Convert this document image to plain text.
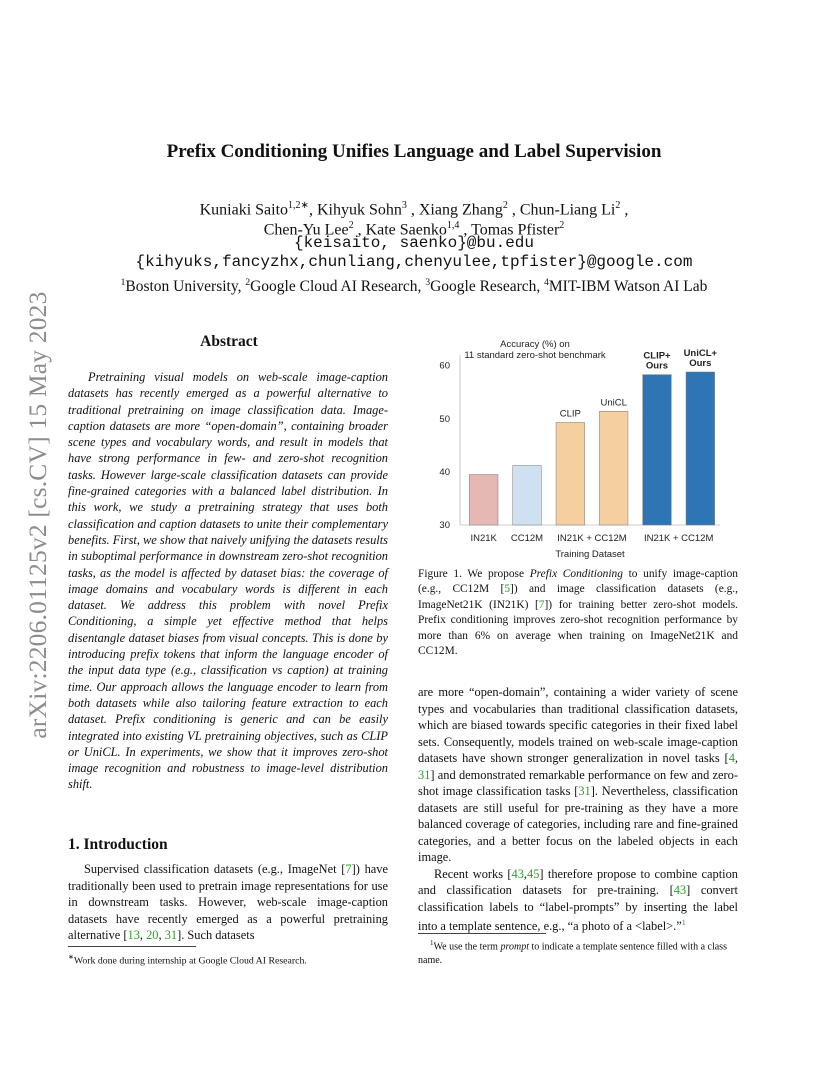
arXiv:2206.01125v2 [cs.CV] 15 May 2023
Prefix Conditioning Unifies Language and Label Supervision
Kuniaki Saito$^{1,2∗}$, Kihyuk Sohn$^3$ , Xiang Zhang$^2$ , Chun-Liang Li$^2$ ,
Chen-Yu Lee$^2$ , Kate Saenko$^{1,4}$ , Tomas Pfister$^2$
{keisaito, saenko}@bu.edu
{kihyuks,fancyzhx,chunliang,chenyulee,tpfister}@google.com
$^1$Boston University, $^2$Google Cloud AI Research, $^3$Google Research, $^4$MIT-IBM Watson AI Lab
Abstract
Pretraining visual models on web-scale image-caption datasets has recently emerged as a powerful alternative to traditional pretraining on image classification data. Image-caption datasets are more “open-domain”, containing broader scene types and vocabulary words, and result in models that have strong performance in few- and zero-shot recognition tasks. However large-scale classification datasets can provide fine-grained categories with a balanced label distribution. In this work, we study a pretraining strategy that uses both classification and caption datasets to unite their complementary benefits. First, we show that naively unifying the datasets results in suboptimal performance in downstream zero-shot recognition tasks, as the model is affected by dataset bias: the coverage of image domains and vocabulary words is different in each dataset. We address this problem with novel Prefix Conditioning, a simple yet effective method that helps disentangle dataset biases from visual concepts. This is done by introducing prefix tokens that inform the language encoder of the input data type (e.g., classification vs caption) at training time. Our approach allows the language encoder to learn from both datasets while also tailoring feature extraction to each dataset. Prefix conditioning is generic and can be easily integrated into existing VL pretraining objectives, such as CLIP or UniCL. In experiments, we show that it improves zero-shot image recognition and robustness to image-level distribution shift.
1. Introduction
Supervised classification datasets (e.g., ImageNet [7]) have traditionally been used to pretrain image representations for use in downstream tasks. However, web-scale image-caption datasets have recently emerged as a powerful pretraining alternative [13, 20, 31]. Such datasets
∗Work done during internship at Google Cloud AI Research.
Accuracy (%) on
11 standard zero-shot benchmark
30
40
50
60
CLIP
UniCL
CLIP+
Ours
UniCL+
Ours
IN21K CC12M IN21K + CC12M IN21K + CC12M
Training Dataset
Figure 1. We propose Prefix Conditioning to unify image-caption (e.g., CC12M [5]) and image classification datasets (e.g., ImageNet21K (IN21K) [7]) for training better zero-shot models. Prefix conditioning improves zero-shot recognition performance by more than 6% on average when training on ImageNet21K and CC12M.

are more “open-domain”, containing a wider variety of scene types and vocabularies than traditional classification datasets, which are biased towards specific categories in their fixed label sets. Consequently, models trained on web-scale image-caption datasets have shown stronger generalization in novel tasks [4, 31] and demonstrated remarkable performance on few and zero-shot image classification tasks [31]. Nevertheless, classification datasets are still useful for pre-training as they have a more balanced coverage of categories, including rare and fine-grained categories, and a better focus on the labeled objects in each image.

Recent works [43,45] therefore propose to combine caption and classification datasets for pre-training. [43] convert classification labels to “label-prompts” by inserting the label into a template sentence, e.g., “a photo of a <label>.”$^1$

$^1$We use the term prompt to indicate a template sentence filled with a class name.
